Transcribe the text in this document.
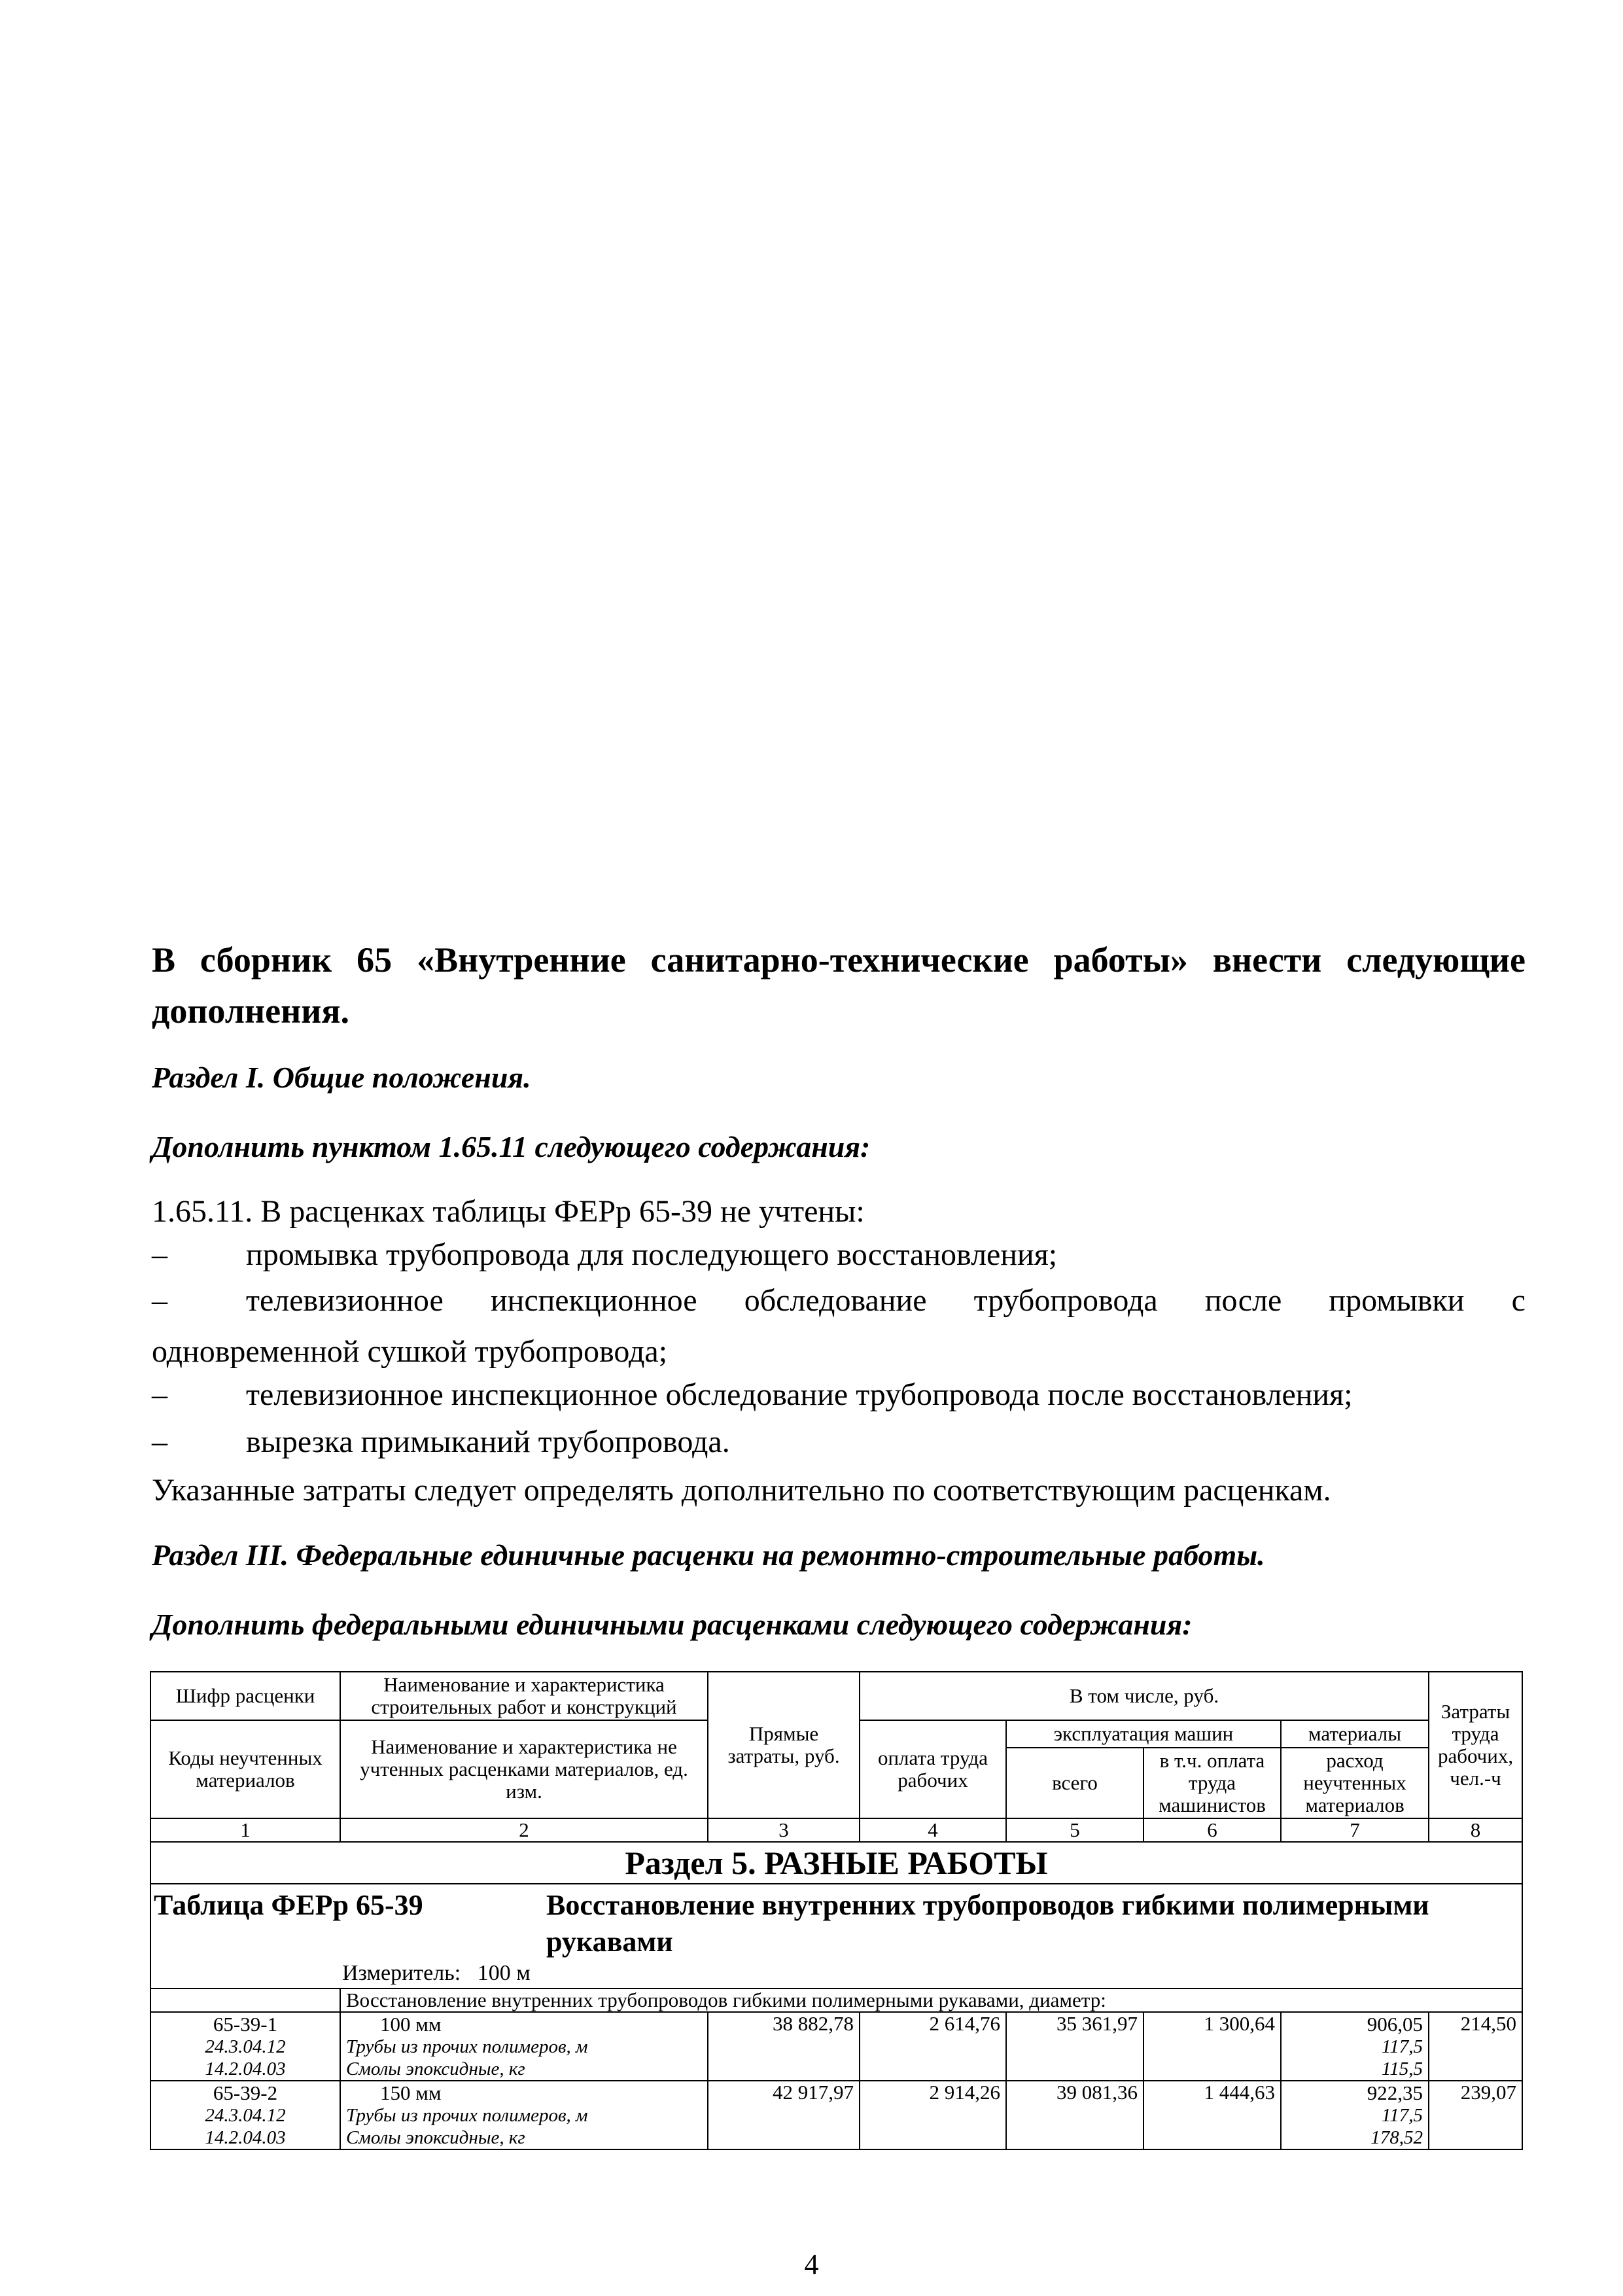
В сборник 65 «Внутренние санитарно-технические работы» внести следующие дополнения.
Раздел I. Общие положения.
Дополнить пунктом 1.65.11 следующего содержания:
1.65.11. В расценках таблицы ФЕРр 65-39 не учтены:
–	промывка трубопровода для последующего восстановления;
–	телевизионное инспекционное обследование трубопровода после промывки с
одновременной сушкой трубопровода;
–	телевизионное инспекционное обследование трубопровода после восстановления;
–	вырезка примыканий трубопровода.
Указанные затраты следует определять дополнительно по соответствующим расценкам.
Раздел III. Федеральные единичные расценки на ремонтно-строительные работы.
Дополнить федеральными единичными расценками следующего содержания:
Шифр расценки	Наименование и характеристика строительных работ и конструкций	Прямые затраты, руб.	В том числе, руб.				Затраты труда рабочих, чел.-ч
Коды неучтенных материалов	Наименование и характеристика не учтенных расценками материалов, ед. изм.		оплата труда рабочих	эксплуатация машин		материалы	
				всего	в т.ч. оплата труда машинистов	расход неучтенных материалов	

1	2	3	4	5	6	7	8
Раздел 5. РАЗНЫЕ РАБОТЫ							

Таблица ФЕРр 65-39 Восстановление внутренних трубопроводов гибкими полимерными рукавами
Измеритель: 100 м							

	Восстановление внутренних трубопроводов гибкими полимерными рукавами, диаметр:						
65-39-1	100 мм	38 882,78	2 614,76	35 361,97	1 300,64	906,05	214,50
24.3.04.12	Трубы из прочих полимеров, м					117,5	
14.2.04.03	Смолы эпоксидные, кг					115,5	
65-39-2	150 мм	42 917,97	2 914,26	39 081,36	1 444,63	922,35	239,07
24.3.04.12	Трубы из прочих полимеров, м					117,5	
14.2.04.03	Смолы эпоксидные, кг					178,52	
4
